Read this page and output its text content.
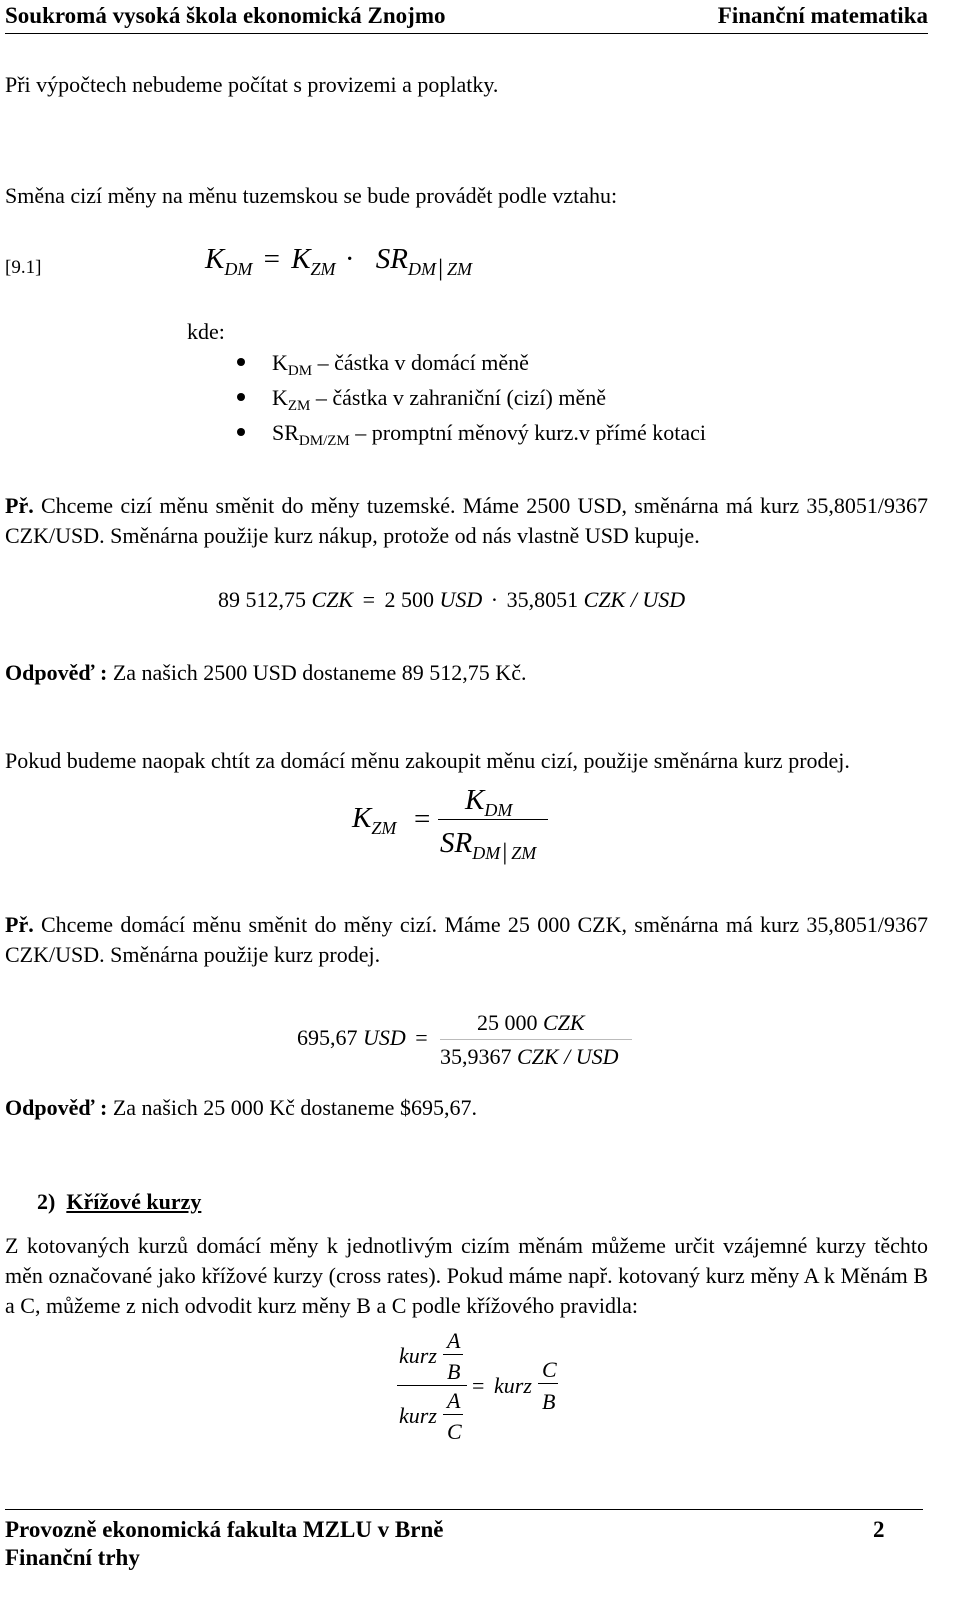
Soukromá vysoká škola ekonomická Znojmo	Finanční matematika
Při výpočtech nebudeme počítat s provizemi a poplatky.
Směna cizí měny na měnu tuzemskou se bude provádět podle vztahu:
[9.1]	$K_{DM} = K_{ZM} \cdot SR_{DM│ZM}$
kde:
$K_{DM}$ – částka v domácí měně
$K_{ZM}$ – částka v zahraniční (cizí) měně
$SR_{DM/ZM}$ – promptní měnový kurz.v přímé kotaci
Př. Chceme cizí měnu směnit do měny tuzemské. Máme 2500 USD, směnárna má kurz 35,8051/9367 CZK/USD. Směnárna použije kurz nákup, protože od nás vlastně USD kupuje.
89 512,75 CZK = 2 500 USD · 35,8051 CZK / USD
Odpověď : Za našich 2500 USD dostaneme 89 512,75 Kč.
Pokud budeme naopak chtít za domácí měnu zakoupit měnu cizí, použije směnárna kurz prodej.
$K_{ZM}$ =
$K_{DM}$
$SR_{DM│ZM}$
Př. Chceme domácí měnu směnit do měny cizí. Máme 25 000 CZK, směnárna má kurz 35,8051/9367 CZK/USD. Směnárna použije kurz prodej.
695,67 USD =
25 000 CZK
35,9367 CZK / USD
Odpověď : Za našich 25 000 Kč dostaneme $695,67.
2) Křížové kurzy
Z kotovaných kurzů domácí měny k jednotlivým cizím měnám můžeme určit vzájemné kurzy těchto měn označované jako křížové kurzy (cross rates). Pokud máme např. kotovaný kurz měny A k Měnám B a C, můžeme z nich odvodit kurz měny B a C podle křížového pravidla:
kurz
A
B
kurz
A
C
= kurz
C
B
Provozně ekonomická fakulta MZLU v Brně	2
Finanční trhy
